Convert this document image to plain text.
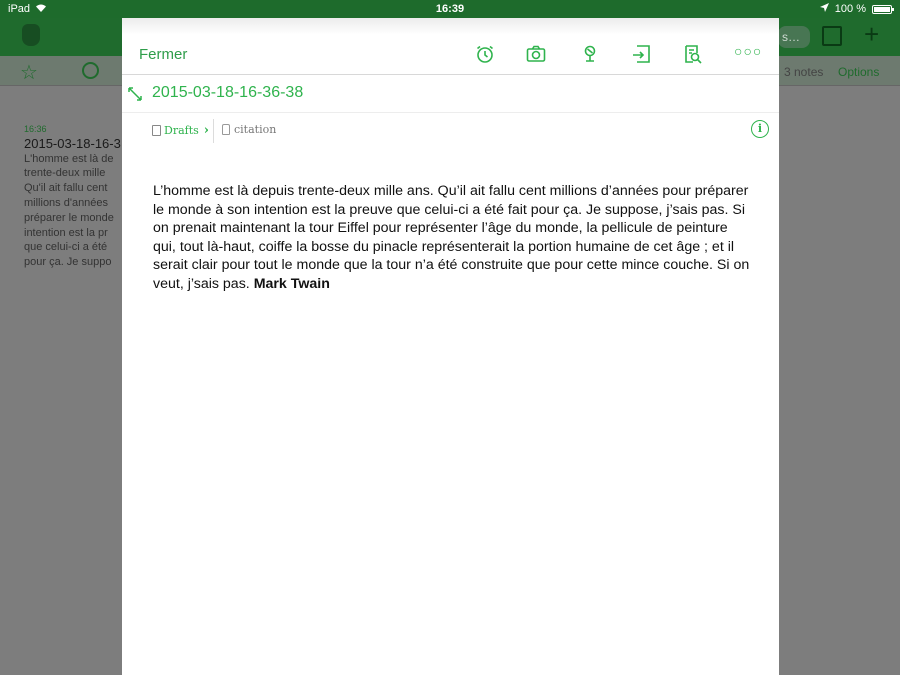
iPad	16:39	100 %
s…	+
☆	3 notes Options
16:36
2015-03-18-16-3
L'homme est là de
trente-deux mille
Qu'il ait fallu cent
millions d'années
préparer le monde
intention est la pr
que celui-ci a été
pour ça. Je suppo
Fermer	○○○
2015-03-18-16-36-38
Drafts › citation	i
L’homme est là depuis trente-deux mille ans. Qu’il ait fallu cent millions d’années pour préparer le monde à son intention est la preuve que celui-ci a été fait pour ça. Je suppose, j’sais pas. Si on prenait maintenant la tour Eiffel pour représenter l’âge du monde, la pellicule de peinture qui, tout là-haut, coiffe la bosse du pinacle représenterait la portion humaine de cet âge ; et il serait clair pour tout le monde que la tour n’a été construite que pour cette mince couche. Si on veut, j’sais pas. Mark Twain
